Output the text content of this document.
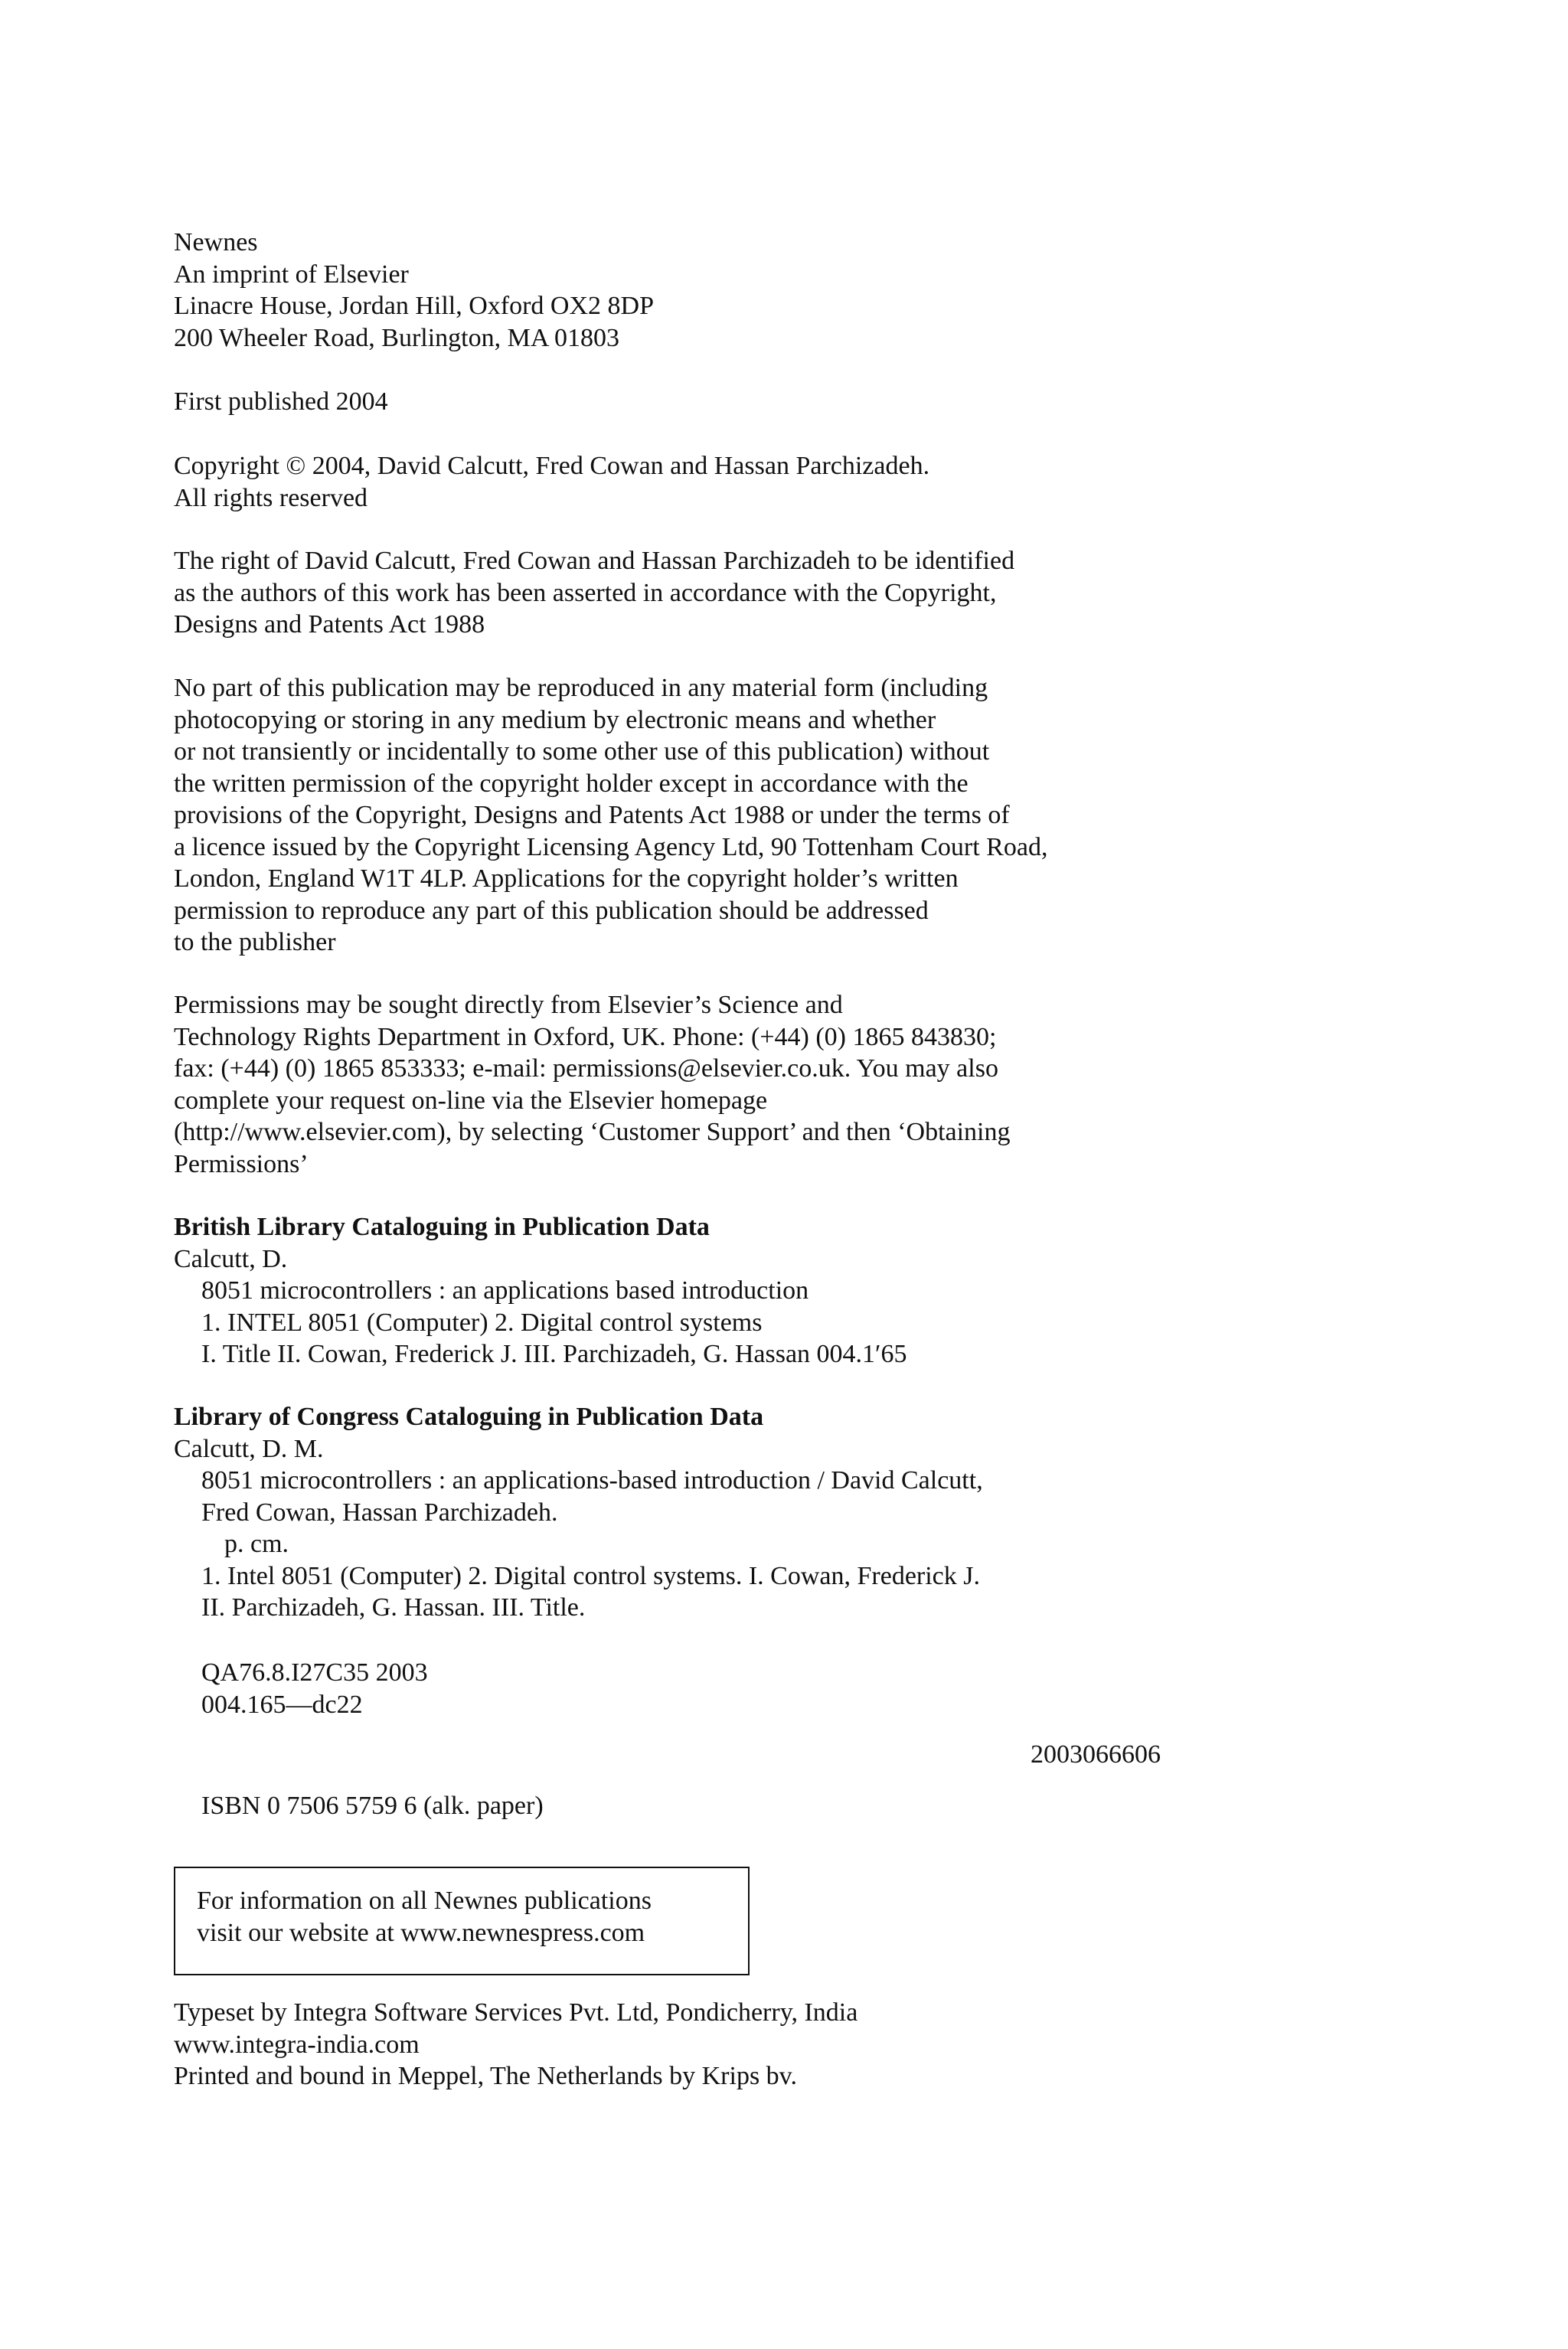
Newnes

An imprint of Elsevier

Linacre House, Jordan Hill, Oxford OX2 8DP

200 Wheeler Road, Burlington, MA 01803

First published 2004

Copyright © 2004, David Calcutt, Fred Cowan and Hassan Parchizadeh.

All rights reserved

The right of David Calcutt, Fred Cowan and Hassan Parchizadeh to be identified

as the authors of this work has been asserted in accordance with the Copyright,

Designs and Patents Act 1988

No part of this publication may be reproduced in any material form (including

photocopying or storing in any medium by electronic means and whether

or not transiently or incidentally to some other use of this publication) without

the written permission of the copyright holder except in accordance with the

provisions of the Copyright, Designs and Patents Act 1988 or under the terms of

a licence issued by the Copyright Licensing Agency Ltd, 90 Tottenham Court Road,

London, England W1T 4LP. Applications for the copyright holder’s written

permission to reproduce any part of this publication should be addressed

to the publisher

Permissions may be sought directly from Elsevier’s Science and

Technology Rights Department in Oxford, UK. Phone: (+44) (0) 1865 843830;

fax: (+44) (0) 1865 853333; e-mail: permissions@elsevier.co.uk. You may also

complete your request on-line via the Elsevier homepage

(http://www.elsevier.com), by selecting ‘Customer Support’ and then ‘Obtaining

Permissions’

British Library Cataloguing in Publication Data

Calcutt, D.

8051 microcontrollers : an applications based introduction

1. INTEL 8051 (Computer) 2. Digital control systems

I. Title II. Cowan, Frederick J. III. Parchizadeh, G. Hassan 004.1′65

Library of Congress Cataloguing in Publication Data

Calcutt, D. M.

8051 microcontrollers : an applications-based introduction / David Calcutt,

Fred Cowan, Hassan Parchizadeh.

p. cm.

1. Intel 8051 (Computer) 2. Digital control systems. I. Cowan, Frederick J.

II. Parchizadeh, G. Hassan. III. Title.

QA76.8.I27C35 2003

004.165—dc22

2003066606

ISBN 0 7506 5759 6 (alk. paper)

For information on all Newnes publications

visit our website at www.newnespress.com

Typeset by Integra Software Services Pvt. Ltd, Pondicherry, India

www.integra-india.com

Printed and bound in Meppel, The Netherlands by Krips bv.
